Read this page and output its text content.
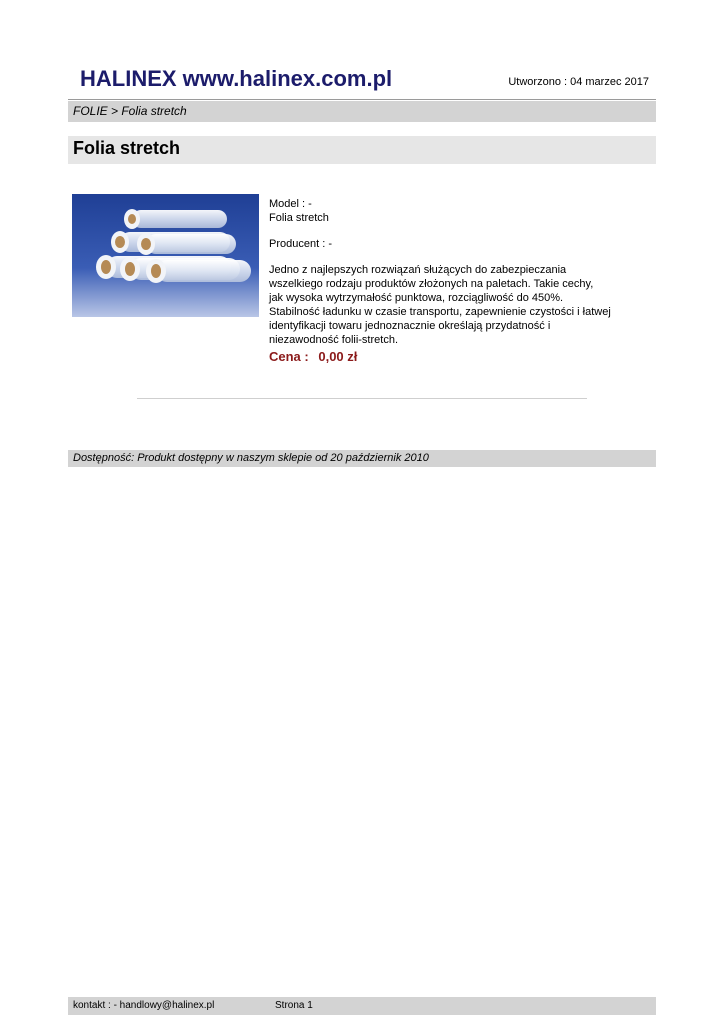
HALINEX www.halinex.com.pl	Utworzono : 04 marzec 2017
FOLIE > Folia stretch
Folia stretch

Model : -

Folia stretch

Producent : -

Jedno z najlepszych rozwiązań służących do zabezpieczania

wszelkiego rodzaju produktów złożonych na paletach. Takie cechy,

jak wysoka wytrzymałość punktowa, rozciągliwość do 450%.

Stabilność ładunku w czasie transportu, zapewnienie czystości i łatwej

identyfikacji towaru jednoznacznie określają przydatność i

niezawodność folii-stretch.

Cena : 0,00 zł
Dostępność: Produkt dostępny w naszym sklepie od 20 październik 2010
kontakt : - handlowy@halinex.pl	Strona 1
